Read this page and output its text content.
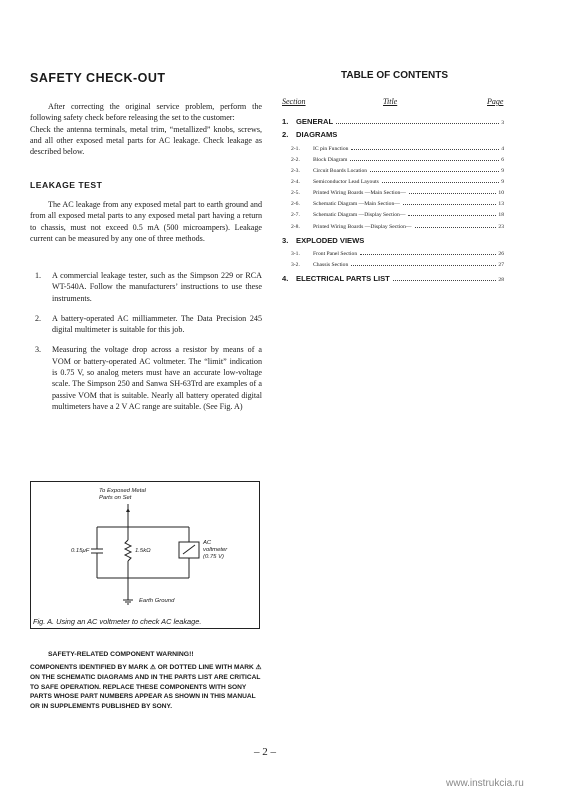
SAFETY CHECK-OUT

After correcting the original service problem, perform the following safety check before releasing the set to the customer:

Check the antenna terminals, metal trim, “metallized” knobs, screws, and all other exposed metal parts for AC leakage. Check leakage as described below.

LEAKAGE TEST

The AC leakage from any exposed metal part to earth ground and from all exposed metal parts to any exposed metal part having a return to chassis, must not exceed 0.5 mA (500 microampers). Leakage current can be measured by any one of three methods.

1. A commercial leakage tester, such as the Simpson 229 or RCA WT-540A. Follow the manufacturers’ instructions to use these instruments.
2. A battery-operated AC milliammeter. The Data Precision 245 digital multimeter is suitable for this job.
3. Measuring the voltage drop across a resistor by means of a VOM or battery-operated AC voltmeter. The “limit” indication is 0.75 V, so analog meters must have an accurate low-voltage scale. The Simpson 250 and Sanwa SH-63Trd are examples of a passive VOM that is suitable. Nearly all battery operated digital multimeters have a 2 V AC range are suitable. (See Fig. A)
To Exposed Metal
Parts on Set
0.15μF	1.5kΩ
AC
voltmeter
(0.75 V)
Earth Ground
Fig. A. Using an AC voltmeter to check AC leakage.
SAFETY-RELATED COMPONENT WARNING!!

COMPONENTS IDENTIFIED BY MARK ⚠ OR DOTTED LINE WITH MARK ⚠ ON THE SCHEMATIC DIAGRAMS AND IN THE PARTS LIST ARE CRITICAL TO SAFE OPERATION. REPLACE THESE COMPONENTS WITH SONY PARTS WHOSE PART NUMBERS APPEAR AS SHOWN IN THIS MANUAL OR IN SUPPLEMENTS PUBLISHED BY SONY.

TABLE OF CONTENTS
Section	Title	Page
1.	GENERAL	3
2.	DIAGRAMS
2-1.	IC pin Function	4
2-2.	Block Diagram	6
2-3.	Circuit Boards Location	9
2-4.	Semiconductor Lead Layouts	9
2-5.	Printed Wiring Boards —Main Section—	10
2-6.	Schematic Diagram —Main Section—	13
2-7.	Schematic Diagram —Display Section—	18
2-8.	Printed Wiring Boards —Display Section—	23
3.	EXPLODED VIEWS
3-1.	Front Panel Section	26
3-2.	Chassis Section	27
4.	ELECTRICAL PARTS LIST	28
– 2 –
www.instrukcia.ru
